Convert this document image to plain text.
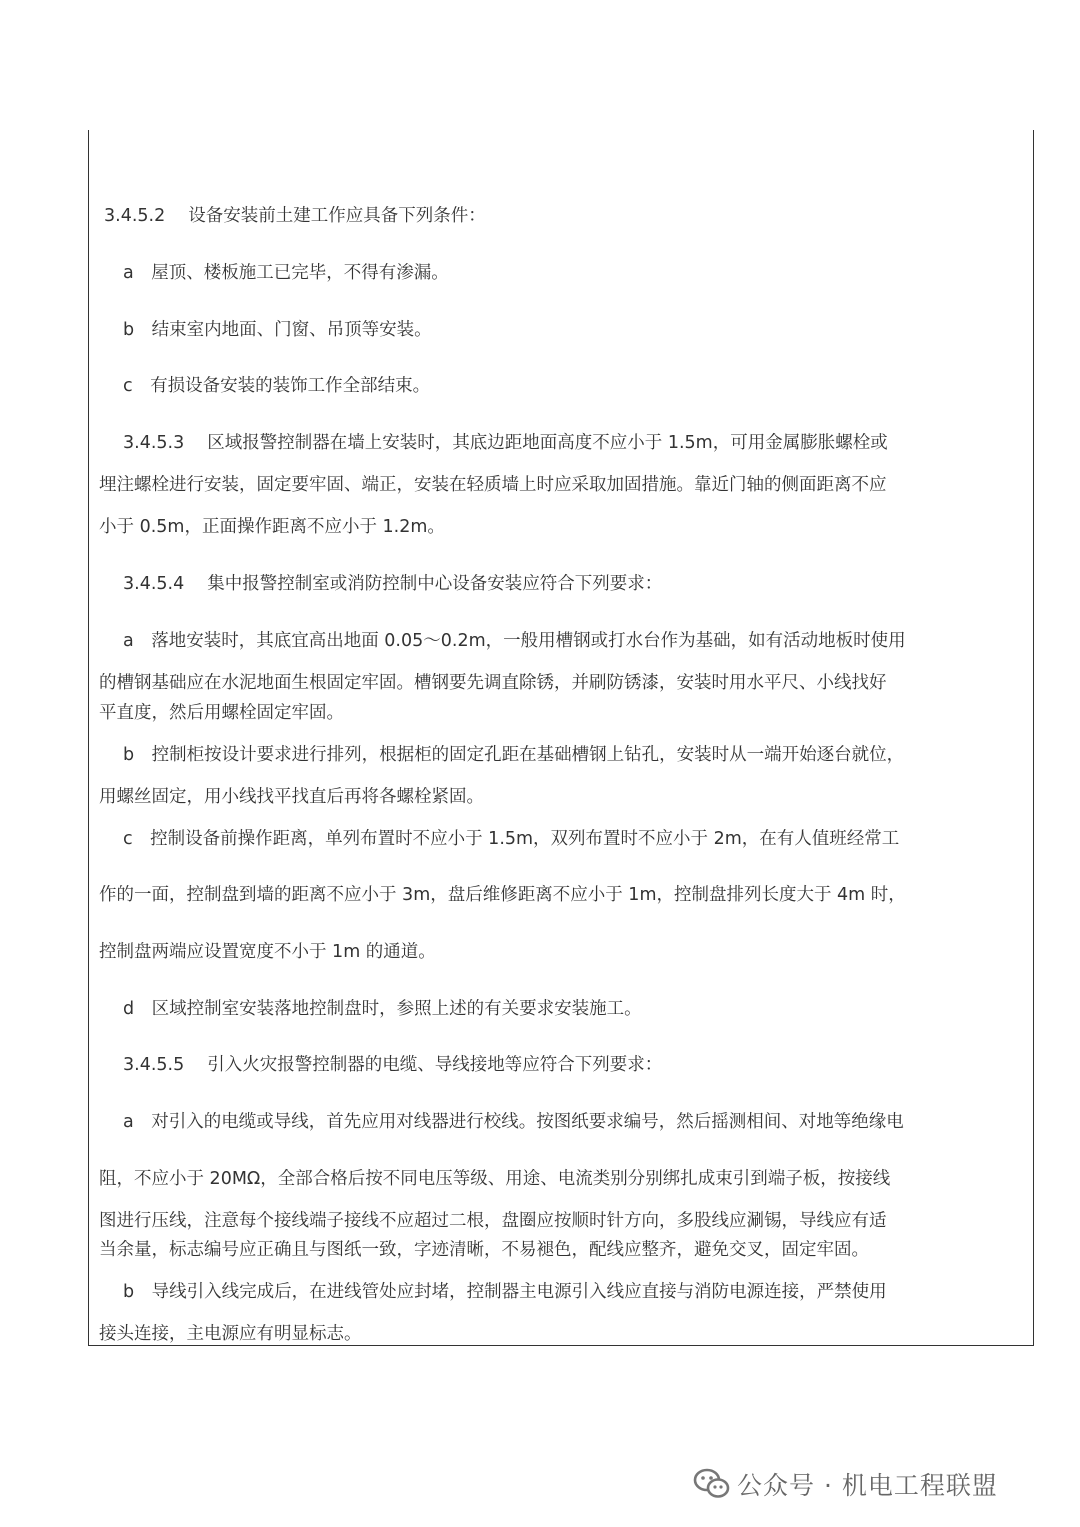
3.4.5.2　 设备安装前土建工作应具备下列条件：
a　屋顶、楼板施工已完毕，不得有渗漏。
b　结束室内地面、门窗、吊顶等安装。
c　有损设备安装的装饰工作全部结束。
3.4.5.3　 区域报警控制器在墙上安装时，其底边距地面高度不应小于 1.5m，可用金属膨胀螺栓或
埋注螺栓进行安装，固定要牢固、端正，安装在轻质墙上时应采取加固措施。靠近门轴的侧面距离不应
小于 0.5m，正面操作距离不应小于 1.2m。
3.4.5.4　 集中报警控制室或消防控制中心设备安装应符合下列要求：
a　落地安装时，其底宜高出地面 0.05～0.2m，一般用槽钢或打水台作为基础，如有活动地板时使用
的槽钢基础应在水泥地面生根固定牢固。槽钢要先调直除锈，并刷防锈漆，安装时用水平尺、小线找好
平直度，然后用螺栓固定牢固。
b　控制柜按设计要求进行排列，根据柜的固定孔距在基础槽钢上钻孔，安装时从一端开始逐台就位，
用螺丝固定，用小线找平找直后再将各螺栓紧固。
c　控制设备前操作距离，单列布置时不应小于 1.5m，双列布置时不应小于 2m，在有人值班经常工
作的一面，控制盘到墙的距离不应小于 3m，盘后维修距离不应小于 1m，控制盘排列长度大于 4m 时，
控制盘两端应设置宽度不小于 1m 的通道。
d　区域控制室安装落地控制盘时，参照上述的有关要求安装施工。
3.4.5.5　 引入火灾报警控制器的电缆、导线接地等应符合下列要求：
a　对引入的电缆或导线，首先应用对线器进行校线。按图纸要求编号，然后摇测相间、对地等绝缘电
阻，不应小于 20MΩ，全部合格后按不同电压等级、用途、电流类别分别绑扎成束引到端子板，按接线
图进行压线，注意每个接线端子接线不应超过二根，盘圈应按顺时针方向，多股线应涮锡，导线应有适
当余量，标志编号应正确且与图纸一致，字迹清晰，不易褪色，配线应整齐，避免交叉，固定牢固。
b　导线引入线完成后，在进线管处应封堵，控制器主电源引入线应直接与消防电源连接，严禁使用
接头连接，主电源应有明显标志。
公众号 · 机电工程联盟
